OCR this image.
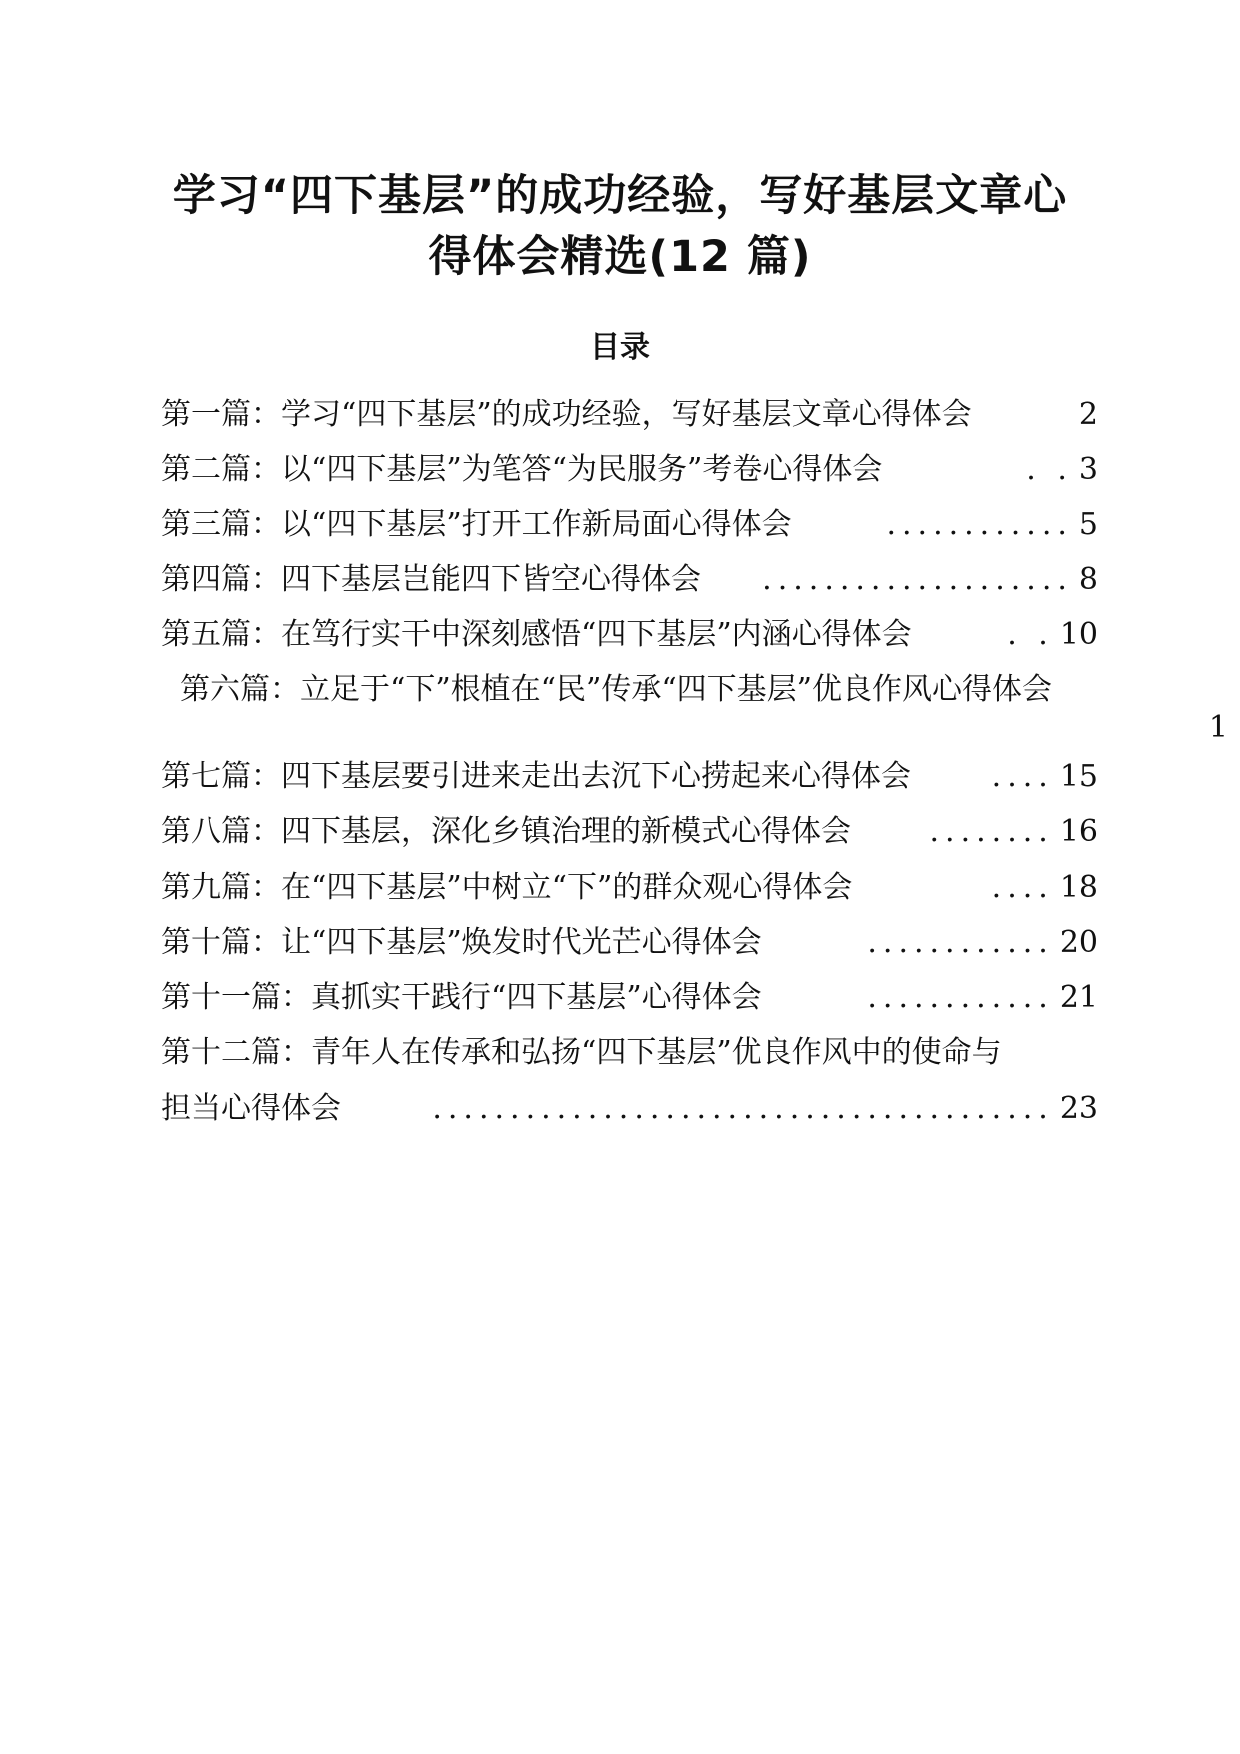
学习“四下基层”的成功经验，写好基层文章心
得体会精选(12 篇)
目录
第一篇：学习“四下基层”的成功经验，写好基层文章心得体会	2
第二篇：以“四下基层”为笔答“为民服务”考卷心得体会	. . 3
第三篇：以“四下基层”打开工作新局面心得体会	............ 5
第四篇：四下基层岂能四下皆空心得体会	.................... 8
第五篇：在笃行实干中深刻感悟“四下基层”内涵心得体会	. . 10
第六篇：立足于“下”根植在“民”传承“四下基层”优良作风心得体会
1
第七篇：四下基层要引进来走出去沉下心捞起来心得体会	.... 15
第八篇：四下基层，深化乡镇治理的新模式心得体会	........ 16
第九篇：在“四下基层”中树立“下”的群众观心得体会	.... 18
第十篇：让“四下基层”焕发时代光芒心得体会	............ 20
第十一篇：真抓实干践行“四下基层”心得体会	............ 21
第十二篇：青年人在传承和弘扬“四下基层”优良作风中的使命与
担当心得体会	........................................ 23
